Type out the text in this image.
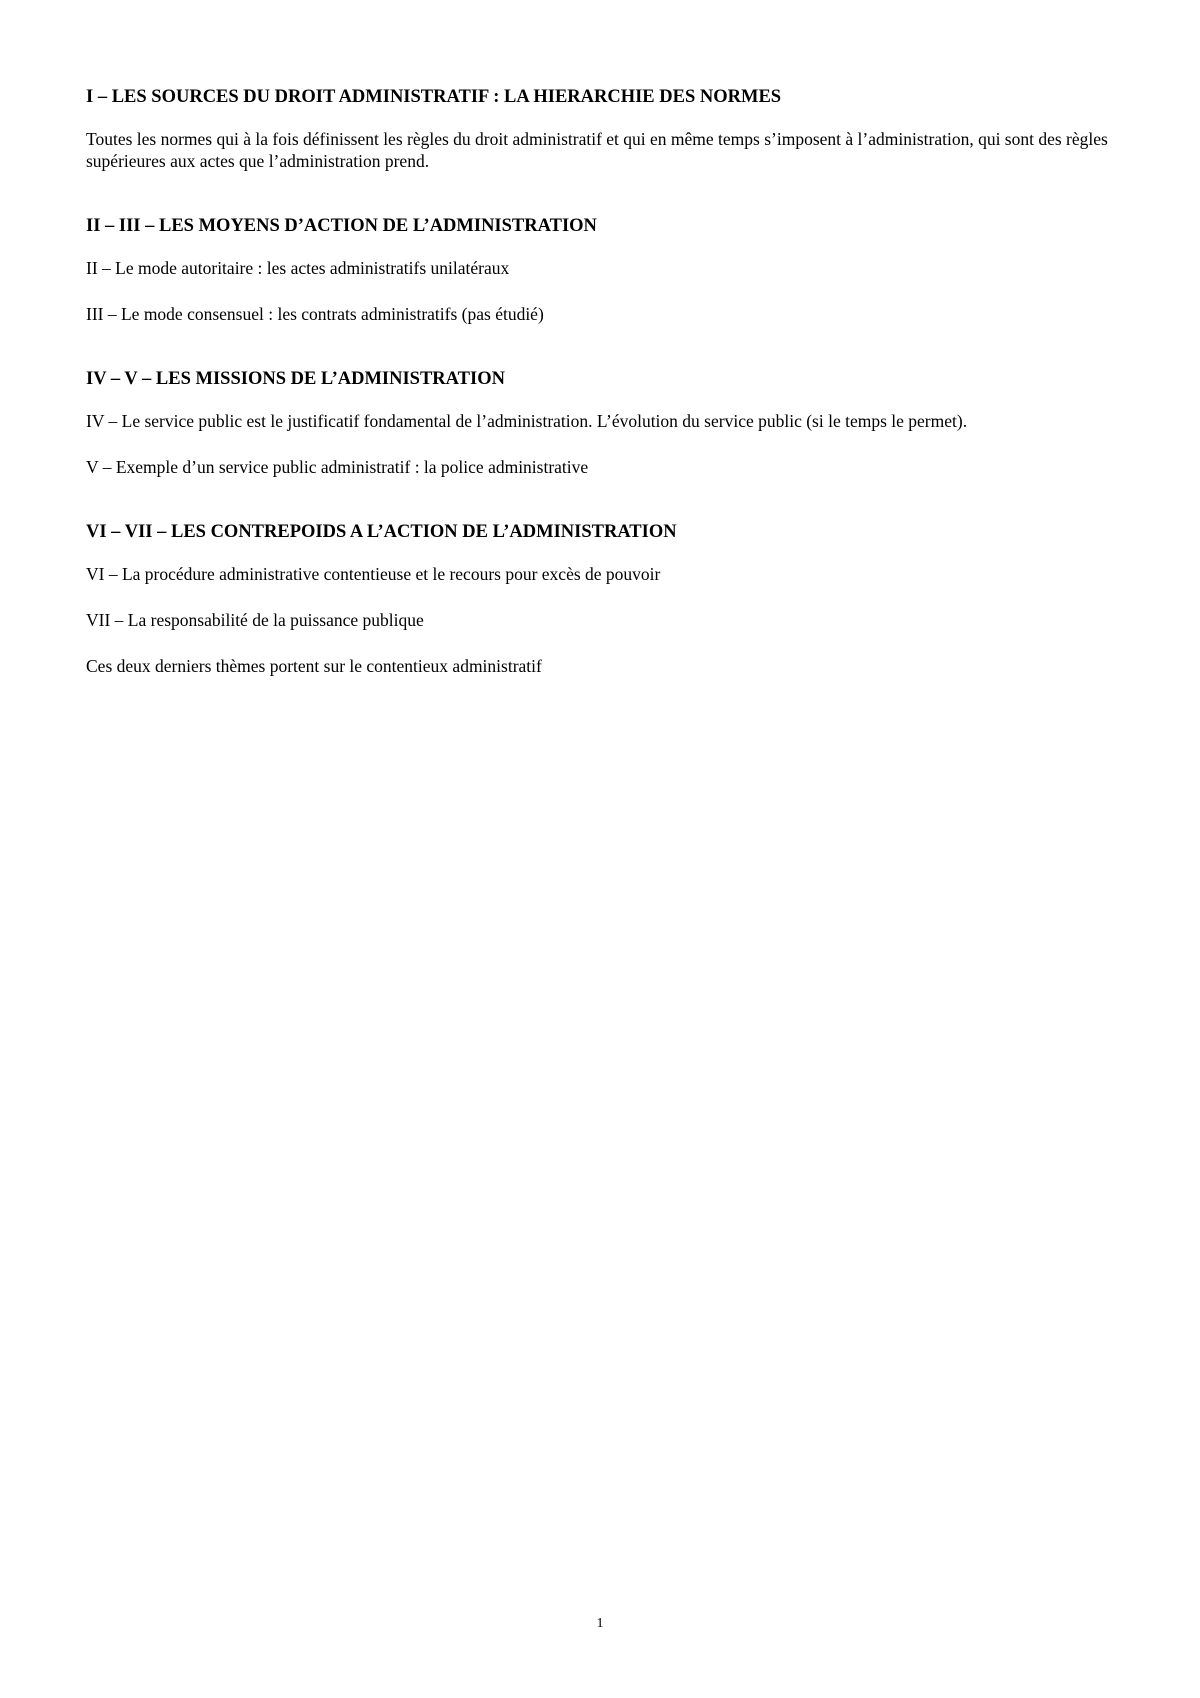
I – LES SOURCES DU DROIT ADMINISTRATIF : LA HIERARCHIE DES NORMES

Toutes les normes qui à la fois définissent les règles du droit administratif et qui en même temps s’imposent à l’administration, qui sont des règles supérieures aux actes que l’administration prend.

II – III – LES MOYENS D’ACTION DE L’ADMINISTRATION

II – Le mode autoritaire : les actes administratifs unilatéraux

III – Le mode consensuel : les contrats administratifs (pas étudié)

IV – V – LES MISSIONS DE L’ADMINISTRATION

IV – Le service public est le justificatif fondamental de l’administration. L’évolution du service public (si le temps le permet).

V – Exemple d’un service public administratif : la police administrative

VI – VII – LES CONTREPOIDS A L’ACTION DE L’ADMINISTRATION

VI – La procédure administrative contentieuse et le recours pour excès de pouvoir

VII – La responsabilité de la puissance publique

Ces deux derniers thèmes portent sur le contentieux administratif

1
